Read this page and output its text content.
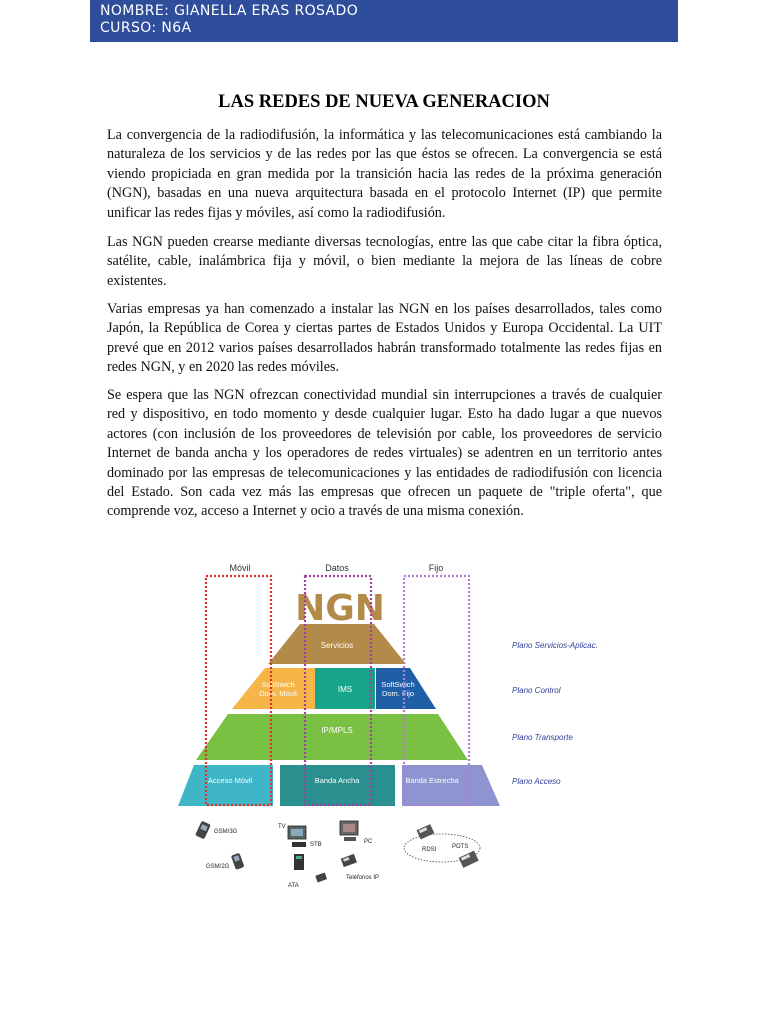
NOMBRE: GIANELLA ERAS ROSADO
CURSO: N6A
LAS REDES DE NUEVA GENERACION
La convergencia de la radiodifusión, la informática y las telecomunicaciones está cambiando la naturaleza de los servicios y de las redes por las que éstos se ofrecen. La convergencia se está viendo propiciada en gran medida por la transición hacia las redes de la próxima generación (NGN), basadas en una nueva arquitectura basada en el protocolo Internet (IP) que permite unificar las redes fijas y móviles, así como la radiodifusión.
Las NGN pueden crearse mediante diversas tecnologías, entre las que cabe citar la fibra óptica, satélite, cable, inalámbrica fija y móvil, o bien mediante la mejora de las líneas de cobre existentes.
Varias empresas ya han comenzado a instalar las NGN en los países desarrollados, tales como Japón, la República de Corea y ciertas partes de Estados Unidos y Europa Occidental. La UIT prevé que en 2012 varios países desarrollados habrán transformado totalmente las redes fijas en redes NGN, y en 2020 las redes móviles.
Se espera que las NGN ofrezcan conectividad mundial sin interrupciones a través de cualquier red y dispositivo, en todo momento y desde cualquier lugar. Esto ha dado lugar a que nuevos actores (con inclusión de los proveedores de televisión por cable, los proveedores de servicio Internet de banda ancha y los operadores de redes virtuales) se adentren en un territorio antes dominado por las empresas de telecomunicaciones y las entidades de radiodifusión con licencia del Estado. Son cada vez más las empresas que ofrecen un paquete de "triple oferta", que comprende voz, acceso a Internet y ocio a través de una misma conexión.
Móvil	Datos	Fijo
Servicios
SoftSwich
Dom. Móvil	IMS
SoftSwich
Dom. Fijo
IP/MPLS
Acceso Móvil	Banda Ancha	Banda Estrecha
NGN
Plano Servicios-Aplicac.
Plano Control
Plano Transporte
Plano Acceso
GSM/3G
GSM/2G
TV
STB	PC
ATA
Teléfonos IP
RDSI	POTS
